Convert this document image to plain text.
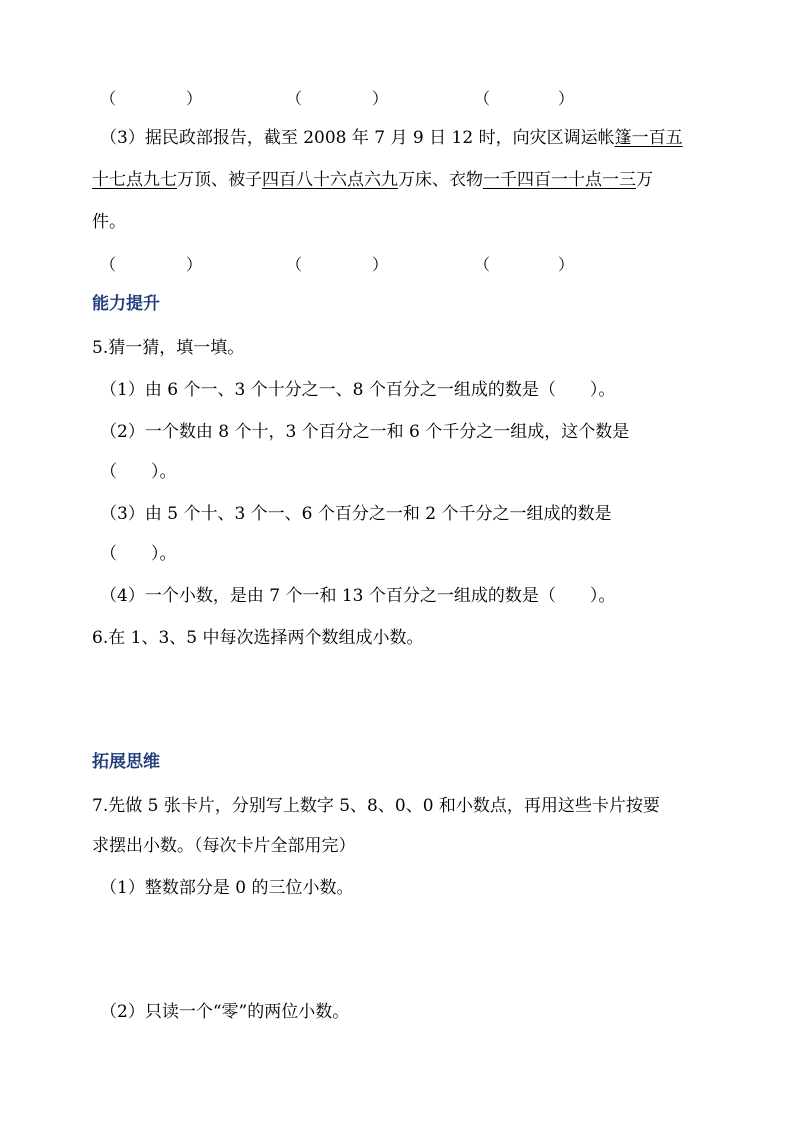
（	）	（	）	（	）
（3）据民政部报告，截至 2008 年 7 月 9 日 12 时，向灾区调运帐篷一百五
十七点九七万顶、被子四百八十六点六九万床、衣物一千四百一十点一三万
件。
（	）	（	）	（	）
能力提升
5.猜一猜，填一填。
（1）由 6 个一、3 个十分之一、8 个百分之一组成的数是（　　）。
（2）一个数由 8 个十，3 个百分之一和 6 个千分之一组成，这个数是
（　　）。
（3）由 5 个十、3 个一、6 个百分之一和 2 个千分之一组成的数是
（　　）。
（4）一个小数，是由 7 个一和 13 个百分之一组成的数是（　　）。
6.在 1、3、5 中每次选择两个数组成小数。
拓展思维
7.先做 5 张卡片，分别写上数字 5、8、0、0 和小数点，再用这些卡片按要
求摆出小数。（每次卡片全部用完）
（1）整数部分是 0 的三位小数。
（2）只读一个“零”的两位小数。
